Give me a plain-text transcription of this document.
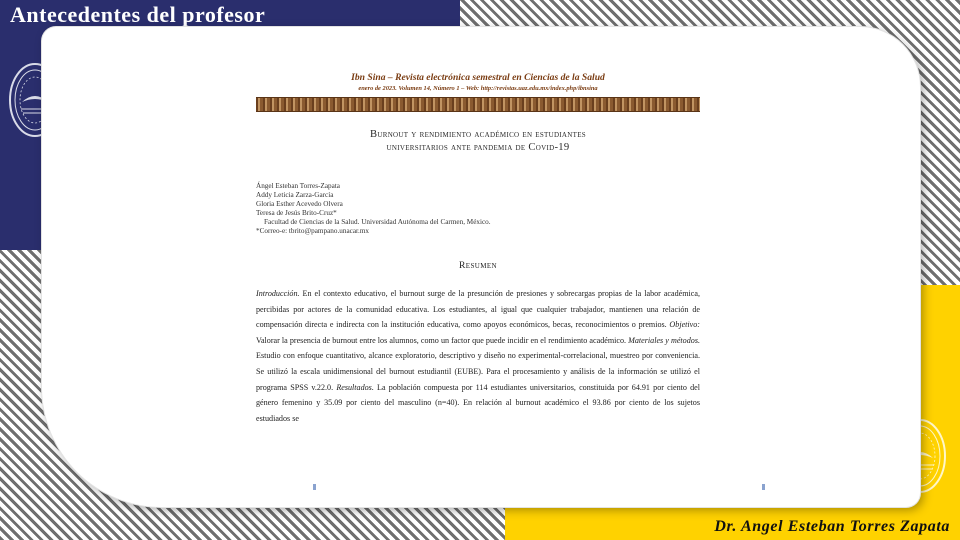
Antecedentes del profesor
Ibn Sina – Revista electrónica semestral en Ciencias de la Salud
enero de 2023. Volumen 14, Número 1 – Web: http://revistas.uaz.edu.mx/index.php/ibnsina
Burnout y rendimiento académico en estudiantes
universitarios ante pandemia de Covid-19
Ángel Esteban Torres-Zapata
Addy Leticia Zarza-García
Gloria Esther Acevedo Olvera
Teresa de Jesús Brito-Cruz*
Facultad de Ciencias de la Salud. Universidad Autónoma del Carmen, México.
*Correo-e: tbrito@pampano.unacar.mx
Resumen
Introducción. En el contexto educativo, el burnout surge de la presunción de presiones y sobrecargas propias de la labor académica, percibidas por actores de la comunidad educativa. Los estudiantes, al igual que cualquier trabajador, mantienen una relación de compensación directa e indirecta con la institución educativa, como apoyos económicos, becas, reconocimientos o premios. Objetivo: Valorar la presencia de burnout entre los alumnos, como un factor que puede incidir en el rendimiento académico. Materiales y métodos. Estudio con enfoque cuantitativo, alcance exploratorio, descriptivo y diseño no experimental-correlacional, muestreo por conveniencia. Se utilizó la escala unidimensional del burnout estudiantil (EUBE). Para el procesamiento y análisis de la información se utilizó el programa SPSS v.22.0. Resultados. La población compuesta por 114 estudiantes universitarios, constituida por 64.91 por ciento del género femenino y 35.09 por ciento del masculino (n=40). En relación al burnout académico el 93.86 por ciento de los sujetos estudiados se
Dr. Angel Esteban Torres Zapata
